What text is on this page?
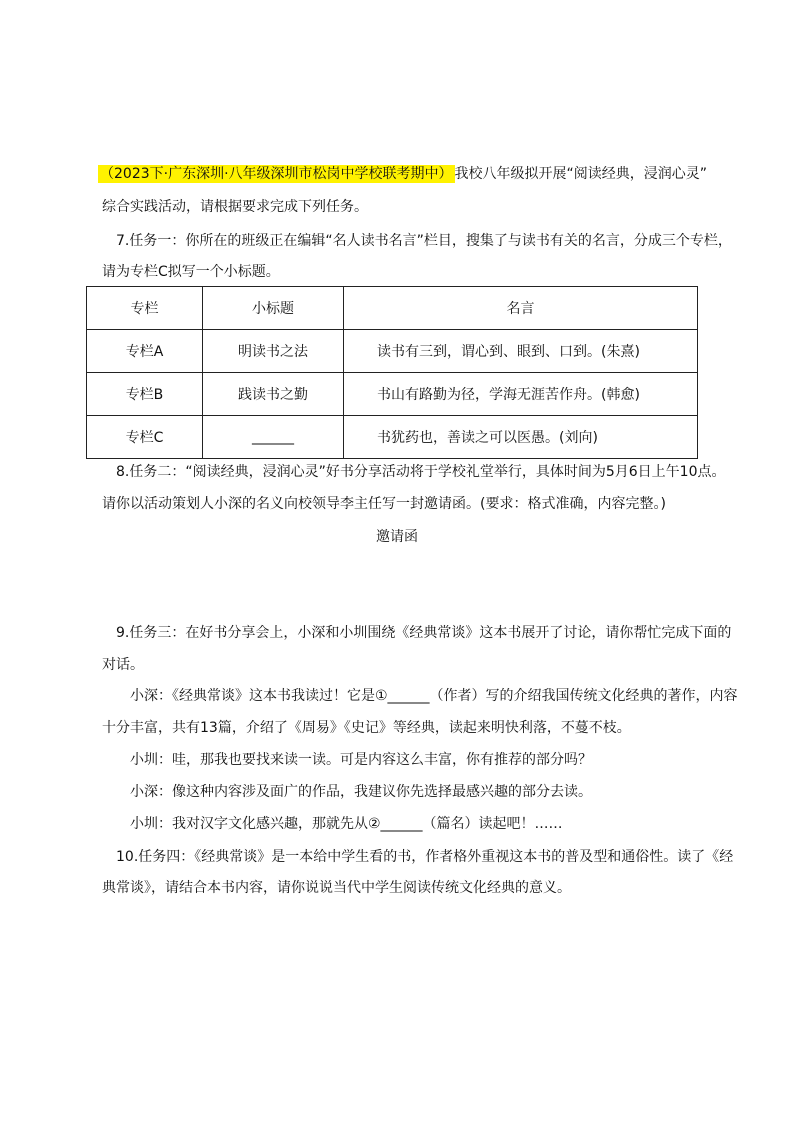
（2023下·广东深圳·八年级深圳市松岗中学校联考期中） 我校八年级拟开展“阅读经典，浸润心灵”
综合实践活动，请根据要求完成下列任务。
7.任务一：你所在的班级正在编辑“名人读书名言”栏目，搜集了与读书有关的名言，分成三个专栏，
请为专栏C拟写一个小标题。
专栏	小标题	名言
专栏A	明读书之法	读书有三到，谓心到、眼到、口到。(朱熹)
专栏B	践读书之勤	书山有路勤为径，学海无涯苦作舟。(韩愈)
专栏C	______	书犹药也，善读之可以医愚。(刘向)
8.任务二：“阅读经典，浸润心灵”好书分享活动将于学校礼堂举行，具体时间为5月6日上午10点。
请你以活动策划人小深的名义向校领导李主任写一封邀请函。(要求：格式准确，内容完整。)
邀请函
9.任务三：在好书分享会上，小深和小圳围绕《经典常谈》这本书展开了讨论，请你帮忙完成下面的
对话。
小深：《经典常谈》这本书我读过！它是①______（作者）写的介绍我国传统文化经典的著作，内容
十分丰富，共有13篇，介绍了《周易》《史记》等经典，读起来明快利落，不蔓不枝。
小圳：哇，那我也要找来读一读。可是内容这么丰富，你有推荐的部分吗？
小深：像这种内容涉及面广的作品，我建议你先选择最感兴趣的部分去读。
小圳：我对汉字文化感兴趣，那就先从②______（篇名）读起吧！……
10.任务四：《经典常谈》是一本给中学生看的书，作者格外重视这本书的普及型和通俗性。读了《经
典常谈》，请结合本书内容，请你说说当代中学生阅读传统文化经典的意义。
